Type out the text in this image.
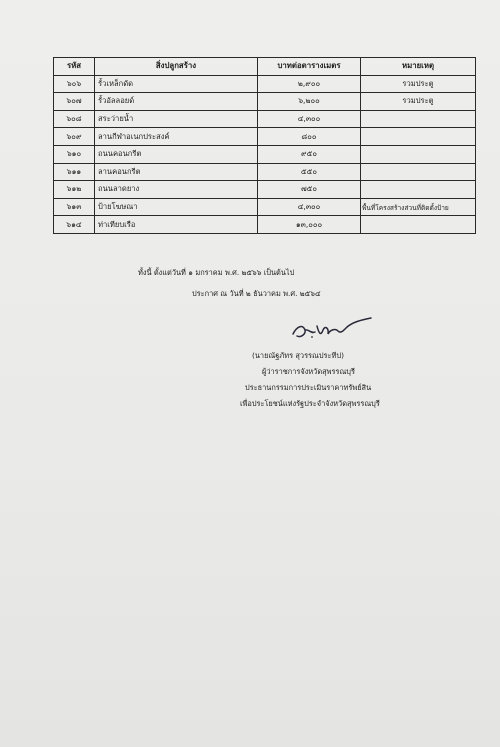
รหัส	สิ่งปลูกสร้าง	บาทต่อตารางเมตร	หมายเหตุ
๖๐๖	รั้วเหล็กดัด	๒,๙๐๐	รวมประตู
๖๐๗	รั้วอัลลอยด์	๖,๒๐๐	รวมประตู
๖๐๘	สระว่ายน้ำ	๔,๓๐๐	
๖๐๙	ลานกีฬาอเนกประสงค์	๘๐๐	
๖๑๐	ถนนคอนกรีต	๙๕๐	
๖๑๑	ลานคอนกรีต	๕๕๐	
๖๑๒	ถนนลาดยาง	๗๕๐	
๖๑๓	ป้ายโฆษณา	๔,๓๐๐	พื้นที่โครงสร้างส่วนที่ติดตั้งป้าย
๖๑๔	ท่าเทียบเรือ	๑๓,๐๐๐	
ทั้งนี้ ตั้งแต่วันที่ ๑ มกราคม พ.ศ. ๒๕๖๖ เป็นต้นไป
ประกาศ ณ วันที่ ๒ ธันวาคม พ.ศ. ๒๕๖๔
(นายณัฐภัทร สุวรรณประทีป)
ผู้ว่าราชการจังหวัดสุพรรณบุรี
ประธานกรรมการประเมินราคาทรัพย์สิน
เพื่อประโยชน์แห่งรัฐประจำจังหวัดสุพรรณบุรี
